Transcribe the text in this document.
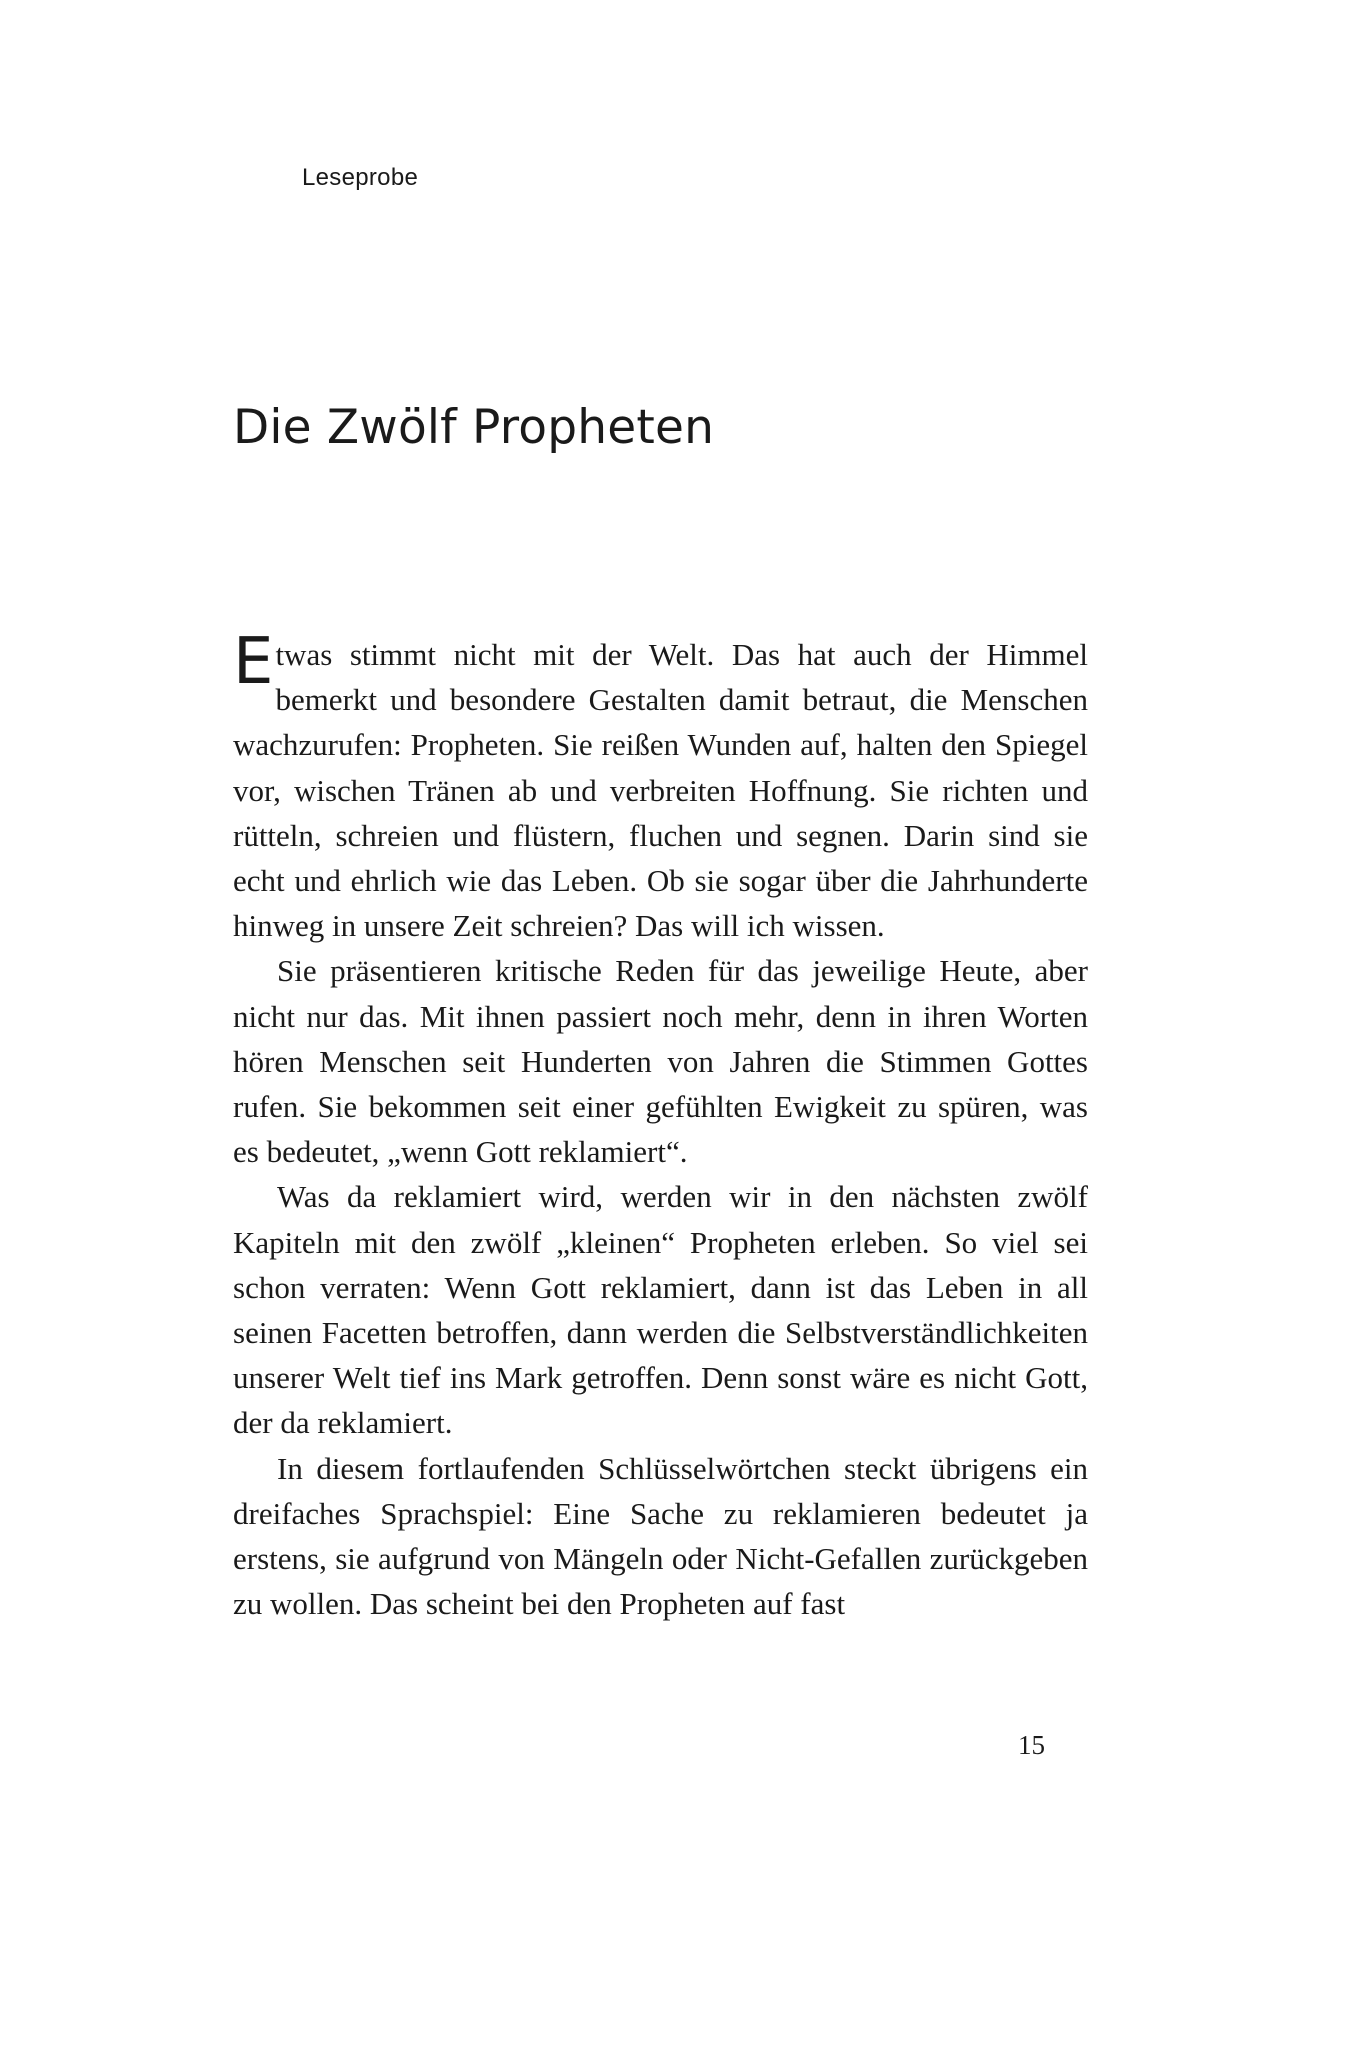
Leseprobe
Die Zwölf Propheten

Etwas stimmt nicht mit der Welt. Das hat auch der Himmel bemerkt und besondere Gestalten damit betraut, die Menschen wachzurufen: Propheten. Sie reißen Wunden auf, halten den Spiegel vor, wischen Tränen ab und verbreiten Hoffnung. Sie richten und rütteln, schreien und flüstern, fluchen und segnen. Darin sind sie echt und ehrlich wie das Leben. Ob sie sogar über die Jahrhunderte hinweg in unsere Zeit schreien? Das will ich wissen.

Sie präsentieren kritische Reden für das jeweilige Heute, aber nicht nur das. Mit ihnen passiert noch mehr, denn in ihren Worten hören Menschen seit Hunderten von Jahren die Stimmen Gottes rufen. Sie bekommen seit einer gefühlten Ewigkeit zu spüren, was es bedeutet, „wenn Gott reklamiert“.

Was da reklamiert wird, werden wir in den nächsten zwölf Kapiteln mit den zwölf „kleinen“ Propheten erleben. So viel sei schon verraten: Wenn Gott reklamiert, dann ist das Leben in all seinen Facetten betroffen, dann werden die Selbstverständlichkeiten unserer Welt tief ins Mark getroffen. Denn sonst wäre es nicht Gott, der da reklamiert.

In diesem fortlaufenden Schlüsselwörtchen steckt übrigens ein dreifaches Sprachspiel: Eine Sache zu reklamieren bedeutet ja erstens, sie aufgrund von Mängeln oder Nicht-Gefallen zurückgeben zu wollen. Das scheint bei den Propheten auf fast

15
